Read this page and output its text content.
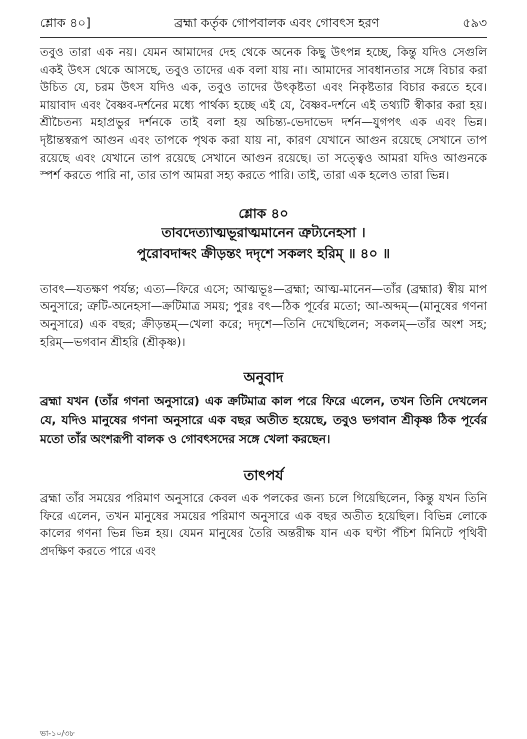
শ্লোক ৪০]	ব্রহ্মা কর্তৃক গোপবালক এবং গোবৎস হরণ	৫৯৩

তবুও তারা এক নয়। যেমন আমাদের দেহ থেকে অনেক কিছু উৎপন্ন হচ্ছে, কিন্তু যদিও সেগুলি একই উৎস থেকে আসছে, তবুও তাদের এক বলা যায় না। আমাদের সাবধানতার সঙ্গে বিচার করা উচিত যে, চরম উৎস যদিও এক, তবুও তাদের উৎকৃষ্টতা এবং নিকৃষ্টতার বিচার করতে হবে। মায়াবাদ এবং বৈষ্ণব-দর্শনের মধ্যে পার্থক্য হচ্ছে এই যে, বৈষ্ণব-দর্শনে এই তথ্যটি স্বীকার করা হয়। শ্রীচৈতন্য মহাপ্রভুর দর্শনকে তাই বলা হয় অচিন্ত্য-ভেদাভেদ দর্শন—যুগপৎ এক এবং ভিন্ন। দৃষ্টান্তস্বরূপ আগুন এবং তাপকে পৃথক করা যায় না, কারণ যেখানে আগুন রয়েছে সেখানে তাপ রয়েছে এবং যেখানে তাপ রয়েছে সেখানে আগুন রয়েছে। তা সত্ত্বেও আমরা যদিও আগুনকে স্পর্শ করতে পারি না, তার তাপ আমরা সহ্য করতে পারি। তাই, তারা এক হলেও তারা ভিন্ন।

শ্লোক ৪০
তাবদেত্যাত্মভূরাত্মমানেন ত্রুট্যনেহসা ।
পুরোবদাব্দং ক্রীড়ন্তং দদৃশে সকলং হরিম্ ॥ ৪০ ॥

তাবৎ—যতক্ষণ পর্যন্ত; এত্য—ফিরে এসে; আত্মভূঃ—ব্রহ্মা; আত্ম-মানেন—তাঁর (ব্রহ্মার) স্বীয় মাপ অনুসারে; ত্রুটি-অনেহসা—ক্রটিমাত্র সময়; পুরঃ বৎ—ঠিক পূর্বের মতো; আ-অব্দম্—(মানুষের গণনা অনুসারে) এক বছর; ক্রীড়ন্তম্—খেলা করে; দদৃশে—তিনি দেখেছিলেন; সকলম্—তাঁর অংশ সহ; হরিম্—ভগবান শ্রীহরি (শ্রীকৃষ্ণ)।

অনুবাদ

ব্রহ্মা যখন (তাঁর গণনা অনুসারে) এক ক্রটিমাত্র কাল পরে ফিরে এলেন, তখন তিনি দেখলেন যে, যদিও মানুষের গণনা অনুসারে এক বছর অতীত হয়েছে, তবুও ভগবান শ্রীকৃষ্ণ ঠিক পূর্বের মতো তাঁর অংশরূপী বালক ও গোবৎসদের সঙ্গে খেলা করছেন।

তাৎপর্য

ব্রহ্মা তাঁর সময়ের পরিমাণ অনুসারে কেবল এক পলকের জন্য চলে গিয়েছিলেন, কিন্তু যখন তিনি ফিরে এলেন, তখন মানুষের সময়ের পরিমাণ অনুসারে এক বছর অতীত হয়েছিল। বিভিন্ন লোকে কালের গণনা ভিন্ন ভিন্ন হয়। যেমন মানুষের তৈরি অন্তরীক্ষ যান এক ঘণ্টা পঁচিশ মিনিটে পৃথিবী প্রদক্ষিণ করতে পারে এবং

ভা-১০/৩৮
